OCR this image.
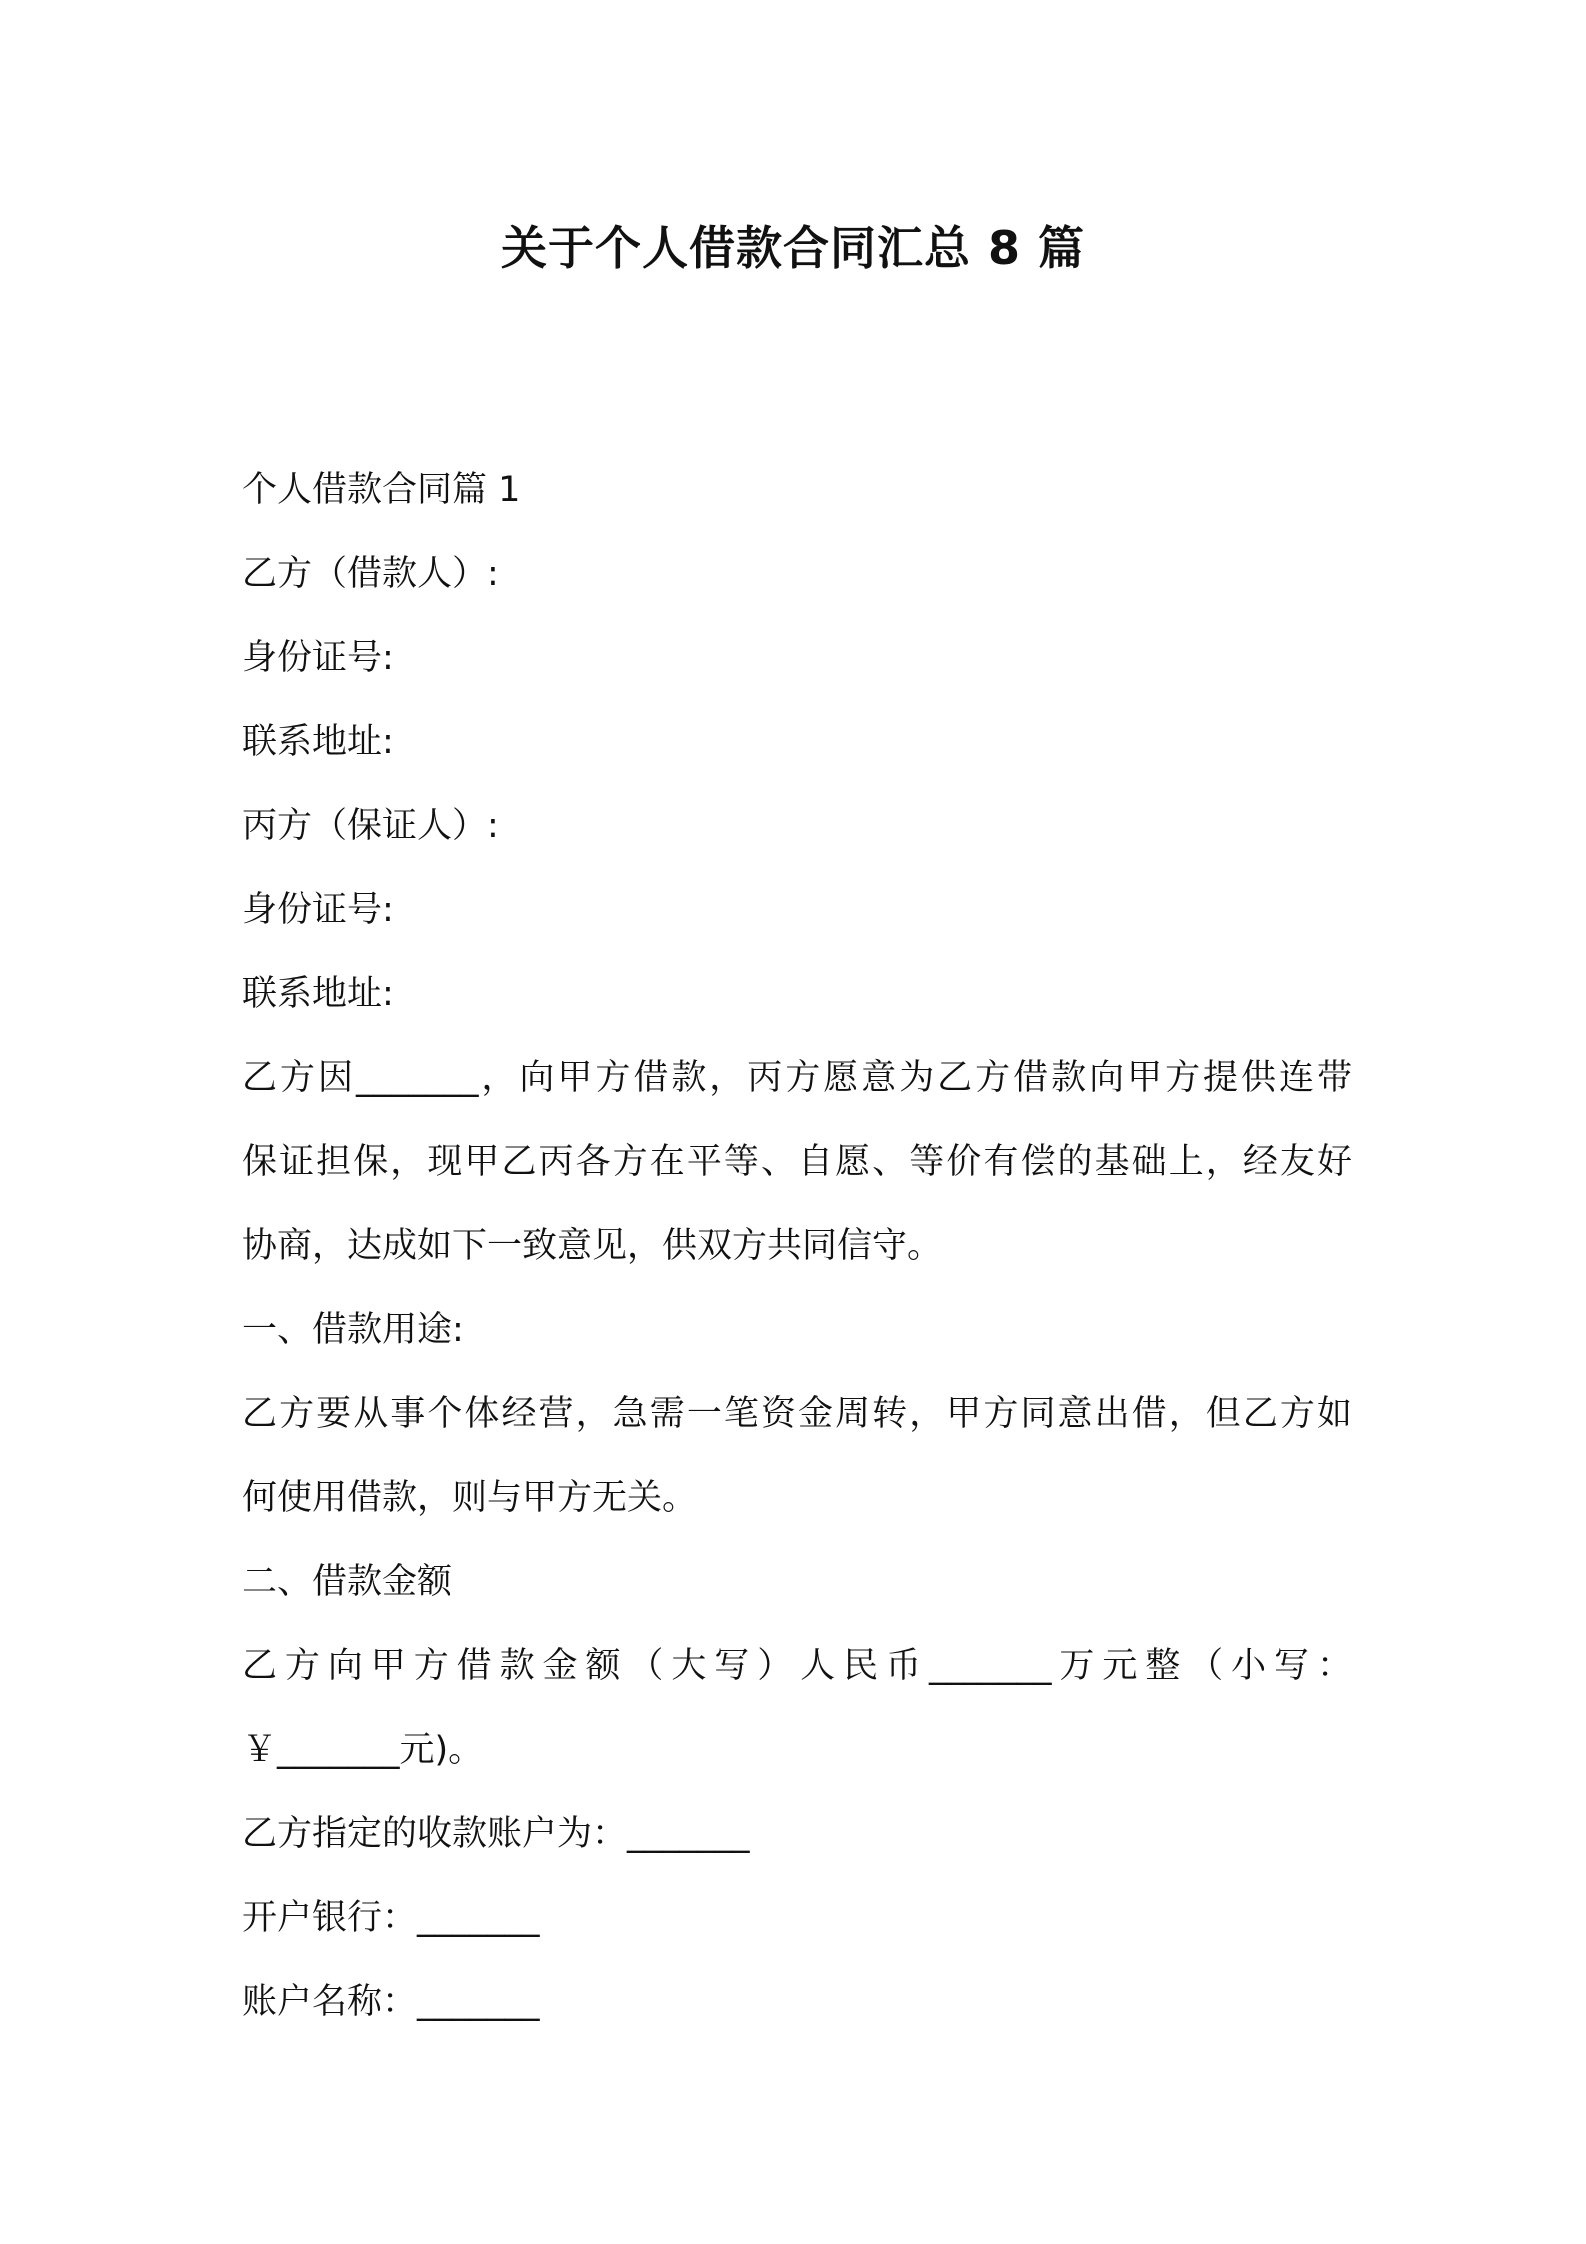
关于个人借款合同汇总 8 篇
个人借款合同篇 1
乙方（借款人）:
身份证号:
联系地址:
丙方（保证人）:
身份证号:
联系地址:
乙方因_______，向甲方借款，丙方愿意为乙方借款向甲方提供连带
保证担保，现甲乙丙各方在平等、自愿、等价有偿的基础上，经友好
协商，达成如下一致意见，供双方共同信守。
一、借款用途:
乙方要从事个体经营，急需一笔资金周转，甲方同意出借，但乙方如
何使用借款，则与甲方无关。
二、借款金额
乙方向甲方借款金额（大写）人民币_______万元整（小写：
￥_______元)。
乙方指定的收款账户为：_______
开户银行：_______
账户名称：_______
